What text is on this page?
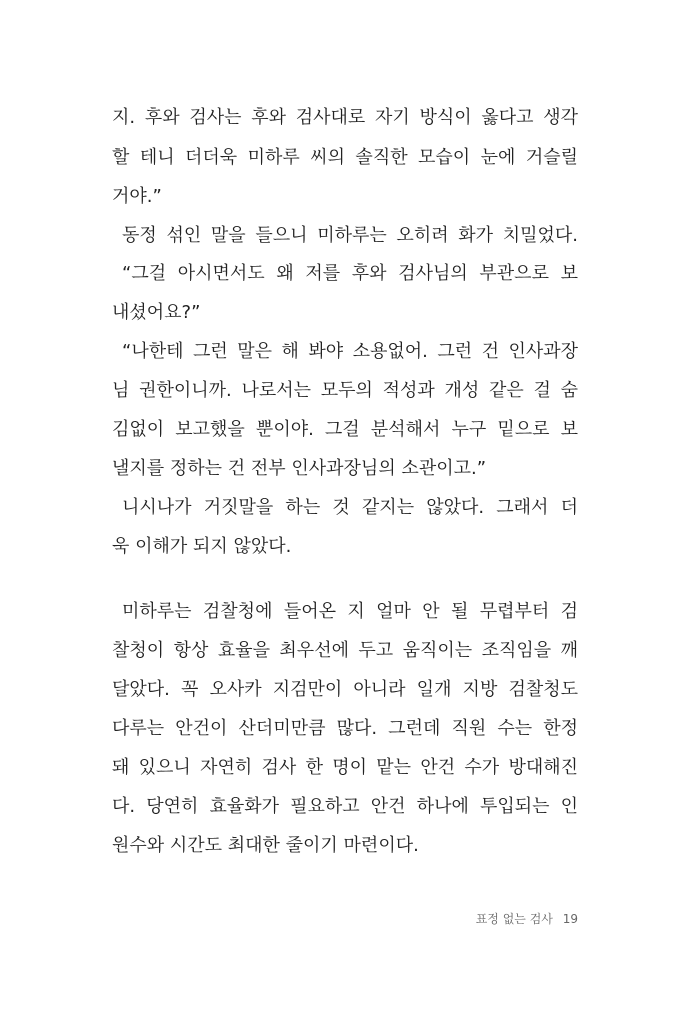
지. 후와 검사는 후와 검사대로 자기 방식이 옳다고 생각
할 테니 더더욱 미하루 씨의 솔직한 모습이 눈에 거슬릴
거야.”
동정 섞인 말을 들으니 미하루는 오히려 화가 치밀었다.
“그걸 아시면서도 왜 저를 후와 검사님의 부관으로 보
내셨어요?”
“나한테 그런 말은 해 봐야 소용없어. 그런 건 인사과장
님 권한이니까. 나로서는 모두의 적성과 개성 같은 걸 숨
김없이 보고했을 뿐이야. 그걸 분석해서 누구 밑으로 보
낼지를 정하는 건 전부 인사과장님의 소관이고.”
니시나가 거짓말을 하는 것 같지는 않았다. 그래서 더
욱 이해가 되지 않았다.
미하루는 검찰청에 들어온 지 얼마 안 될 무렵부터 검
찰청이 항상 효율을 최우선에 두고 움직이는 조직임을 깨
달았다. 꼭 오사카 지검만이 아니라 일개 지방 검찰청도
다루는 안건이 산더미만큼 많다. 그런데 직원 수는 한정
돼 있으니 자연히 검사 한 명이 맡는 안건 수가 방대해진
다. 당연히 효율화가 필요하고 안건 하나에 투입되는 인
원수와 시간도 최대한 줄이기 마련이다.
표정 없는 검사 19
